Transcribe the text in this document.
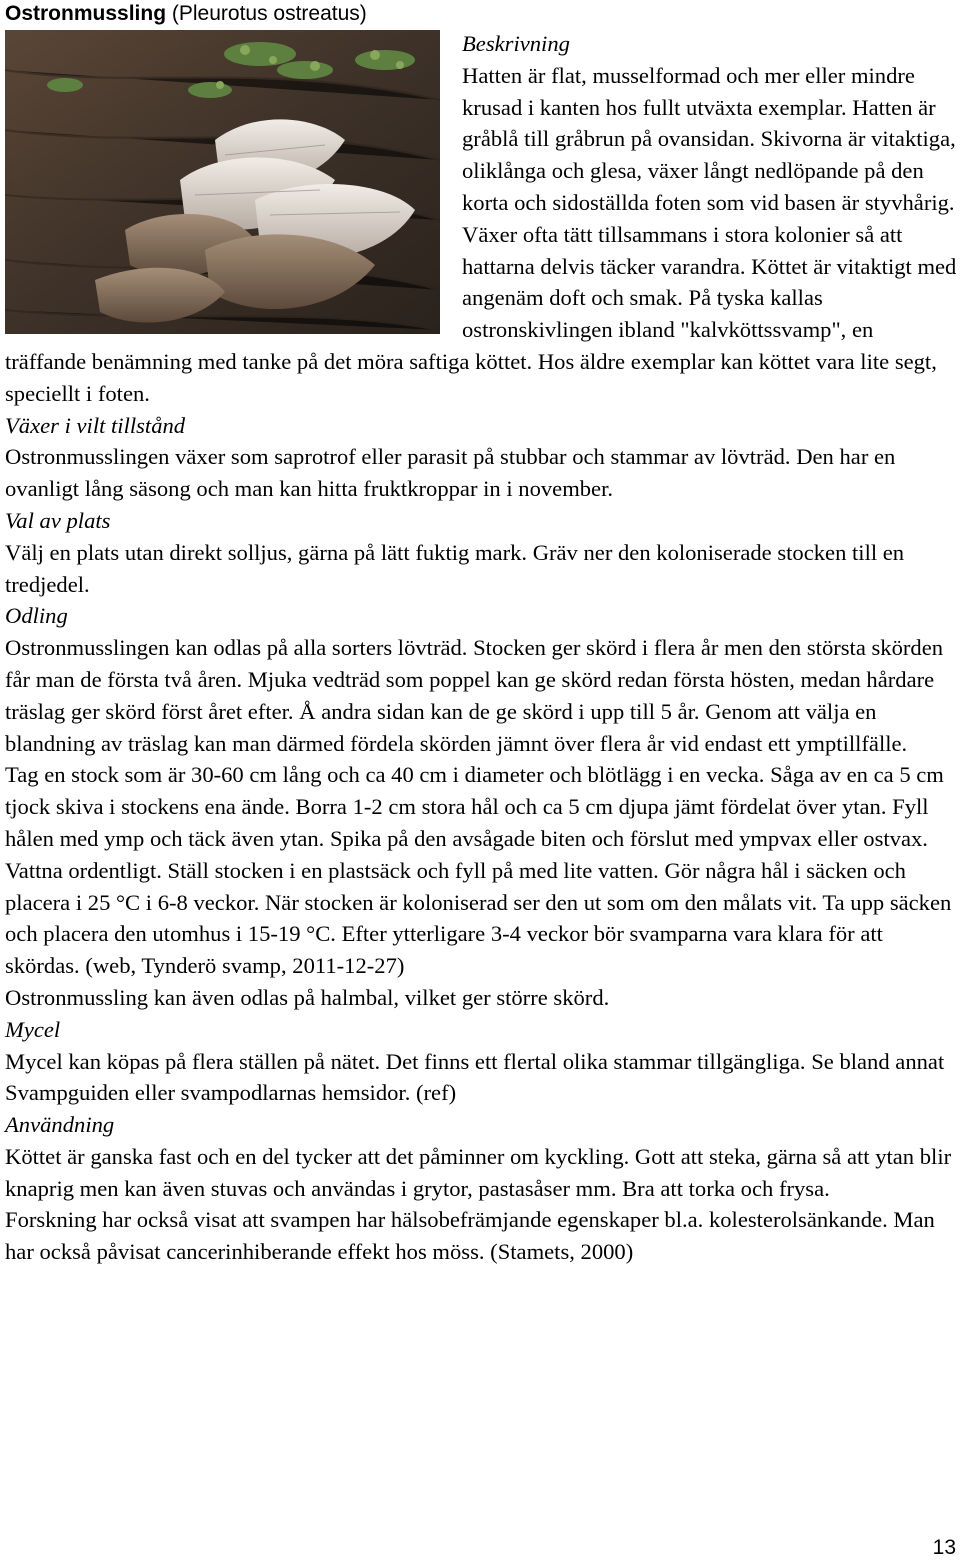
Ostronmussling (Pleurotus ostreatus)
Beskrivning

Hatten är flat, musselformad och mer eller mindre krusad i kanten hos fullt utväxta exemplar. Hatten är gråblå till gråbrun på ovansidan. Skivorna är vitaktiga, oliklånga och glesa, växer långt nedlöpande på den korta och sidoställda foten som vid basen är styvhårig. Växer ofta tätt tillsammans i stora kolonier så att hattarna delvis täcker varandra. Köttet är vitaktigt med angenäm doft och smak. På tyska kallas ostronskivlingen ibland "kalvköttssvamp", en träffande benämning med tanke på det möra saftiga köttet. Hos äldre exemplar kan köttet vara lite segt, speciellt i foten.

Växer i vilt tillstånd

Ostronmusslingen växer som saprotrof eller parasit på stubbar och stammar av lövträd. Den har en ovanligt lång säsong och man kan hitta fruktkroppar in i november.

Val av plats

Välj en plats utan direkt solljus, gärna på lätt fuktig mark. Gräv ner den koloniserade stocken till en tredjedel.

Odling

Ostronmusslingen kan odlas på alla sorters lövträd. Stocken ger skörd i flera år men den största skörden får man de första två åren. Mjuka vedträd som poppel kan ge skörd redan första hösten, medan hårdare träslag ger skörd först året efter. Å andra sidan kan de ge skörd i upp till 5 år. Genom att välja en blandning av träslag kan man därmed fördela skörden jämnt över flera år vid endast ett ymptillfälle.

Tag en stock som är 30-60 cm lång och ca 40 cm i diameter och blötlägg i en vecka. Såga av en ca 5 cm tjock skiva i stockens ena ände. Borra 1-2 cm stora hål och ca 5 cm djupa jämt fördelat över ytan. Fyll hålen med ymp och täck även ytan. Spika på den avsågade biten och förslut med ympvax eller ostvax. Vattna ordentligt. Ställ stocken i en plastsäck och fyll på med lite vatten. Gör några hål i säcken och placera i 25 °C i 6-8 veckor. När stocken är koloniserad ser den ut som om den målats vit. Ta upp säcken och placera den utomhus i 15-19 °C. Efter ytterligare 3-4 veckor bör svamparna vara klara för att skördas. (web, Tynderö svamp, 2011-12-27)

Ostronmussling kan även odlas på halmbal, vilket ger större skörd.

Mycel

Mycel kan köpas på flera ställen på nätet. Det finns ett flertal olika stammar tillgängliga. Se bland annat Svampguiden eller svampodlarnas hemsidor. (ref)

Användning

Köttet är ganska fast och en del tycker att det påminner om kyckling. Gott att steka, gärna så att ytan blir knaprig men kan även stuvas och användas i grytor, pastasåser mm. Bra att torka och frysa.

Forskning har också visat att svampen har hälsobefrämjande egenskaper bl.a. kolesterolsänkande. Man har också påvisat cancerinhiberande effekt hos möss. (Stamets, 2000)

13
